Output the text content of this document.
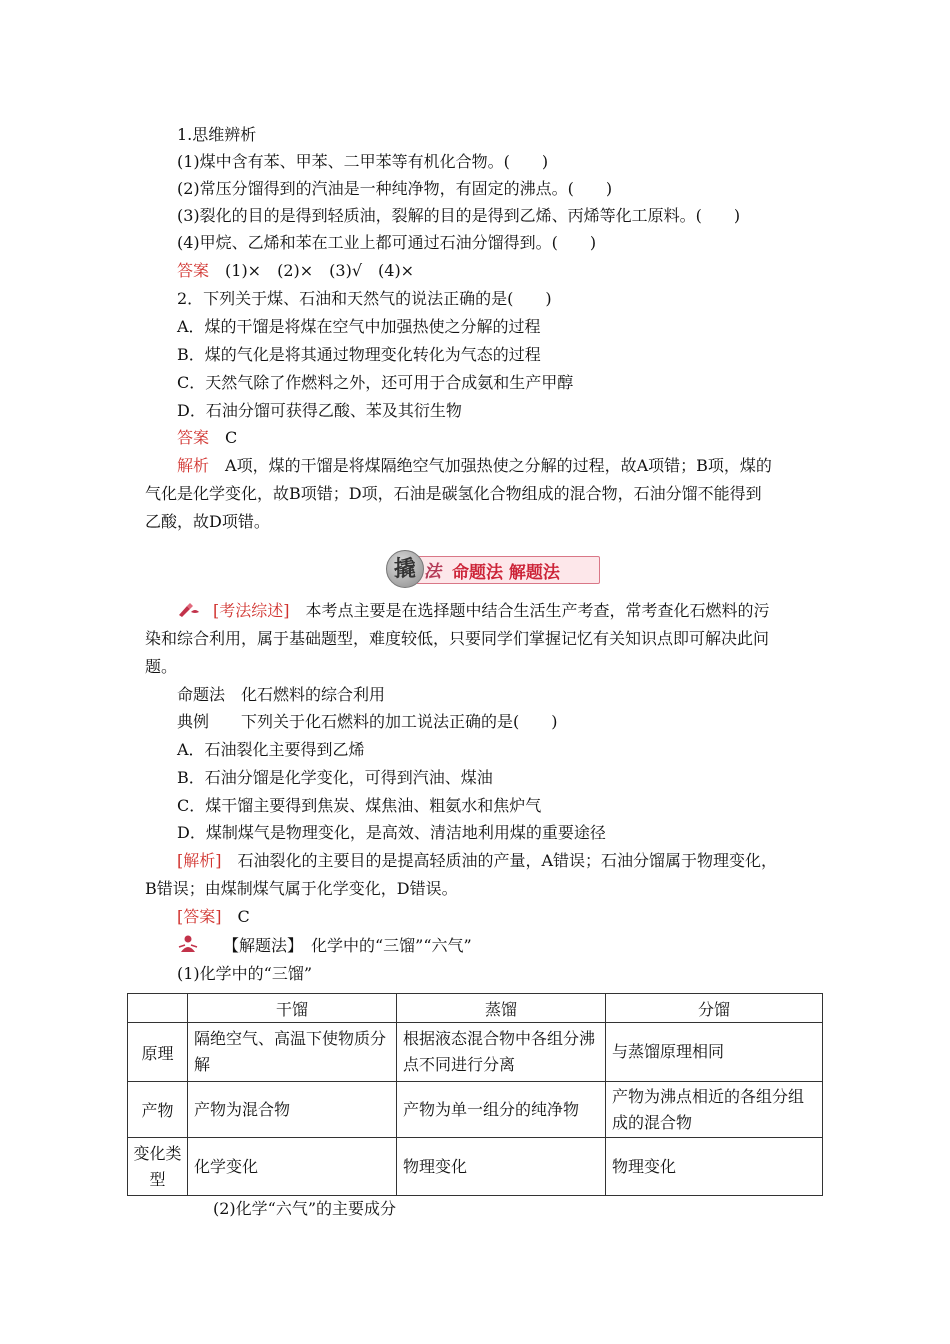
1.思维辨析
(1)煤中含有苯、甲苯、二甲苯等有机化合物。(　　)
(2)常压分馏得到的汽油是一种纯净物，有固定的沸点。(　　)
(3)裂化的目的是得到轻质油，裂解的目的是得到乙烯、丙烯等化工原料。(　　)
(4)甲烷、乙烯和苯在工业上都可通过石油分馏得到。(　　)
答案　(1)×　(2)×　(3)√　(4)×
2．下列关于煤、石油和天然气的说法正确的是(　　)
A．煤的干馏是将煤在空气中加强热使之分解的过程
B．煤的气化是将其通过物理变化转化为气态的过程
C．天然气除了作燃料之外，还可用于合成氨和生产甲醇
D．石油分馏可获得乙酸、苯及其衍生物
答案　C
解析　A项，煤的干馏是将煤隔绝空气加强热使之分解的过程，故A项错；B项，煤的
气化是化学变化，故B项错；D项，石油是碳氢化合物组成的混合物，石油分馏不能得到
乙酸，故D项错。
撬 法 命题法 解题法
[考法综述]　本考点主要是在选择题中结合生活生产考查，常考查化石燃料的污
染和综合利用，属于基础题型，难度较低，只要同学们掌握记忆有关知识点即可解决此问
题。
命题法　化石燃料的综合利用
典例　　下列关于化石燃料的加工说法正确的是(　　)
A．石油裂化主要得到乙烯
B．石油分馏是化学变化，可得到汽油、煤油
C．煤干馏主要得到焦炭、煤焦油、粗氨水和焦炉气
D．煤制煤气是物理变化，是高效、清洁地利用煤的重要途径
[解析]　石油裂化的主要目的是提高轻质油的产量，A错误；石油分馏属于物理变化，
B错误；由煤制煤气属于化学变化，D错误。
[答案]　C
【解题法】　化学中的“三馏”“六气”
(1)化学中的“三馏”
	干馏	蒸馏	分馏
原理	隔绝空气、高温下使物质分解	根据液态混合物中各组分沸点不同进行分离	与蒸馏原理相同
产物	产物为混合物	产物为单一组分的纯净物	产物为沸点相近的各组分组成的混合物
变化类型	化学变化	物理变化	物理变化
(2)化学“六气”的主要成分
